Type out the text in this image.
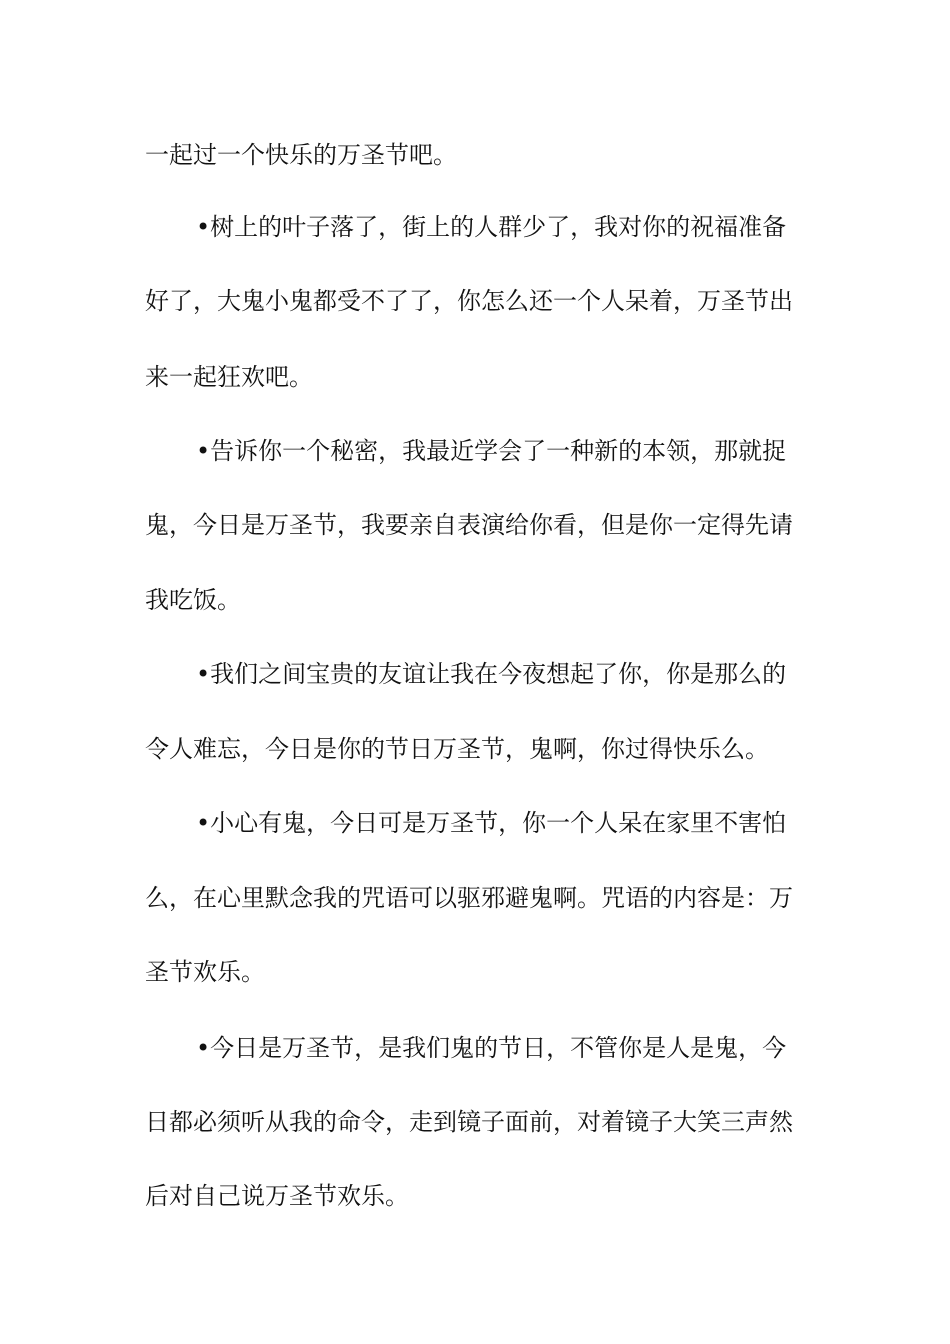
一起过一个快乐的万圣节吧。
•树上的叶子落了，街上的人群少了，我对你的祝福准备
好了，大鬼小鬼都受不了了，你怎么还一个人呆着，万圣节出
来一起狂欢吧。
•告诉你一个秘密，我最近学会了一种新的本领，那就捉
鬼，今日是万圣节，我要亲自表演给你看，但是你一定得先请
我吃饭。
•我们之间宝贵的友谊让我在今夜想起了你，你是那么的
令人难忘，今日是你的节日万圣节，鬼啊，你过得快乐么。
•小心有鬼，今日可是万圣节，你一个人呆在家里不害怕
么，在心里默念我的咒语可以驱邪避鬼啊。咒语的内容是：万
圣节欢乐。
•今日是万圣节，是我们鬼的节日，不管你是人是鬼，今
日都必须听从我的命令，走到镜子面前，对着镜子大笑三声然
后对自己说万圣节欢乐。
